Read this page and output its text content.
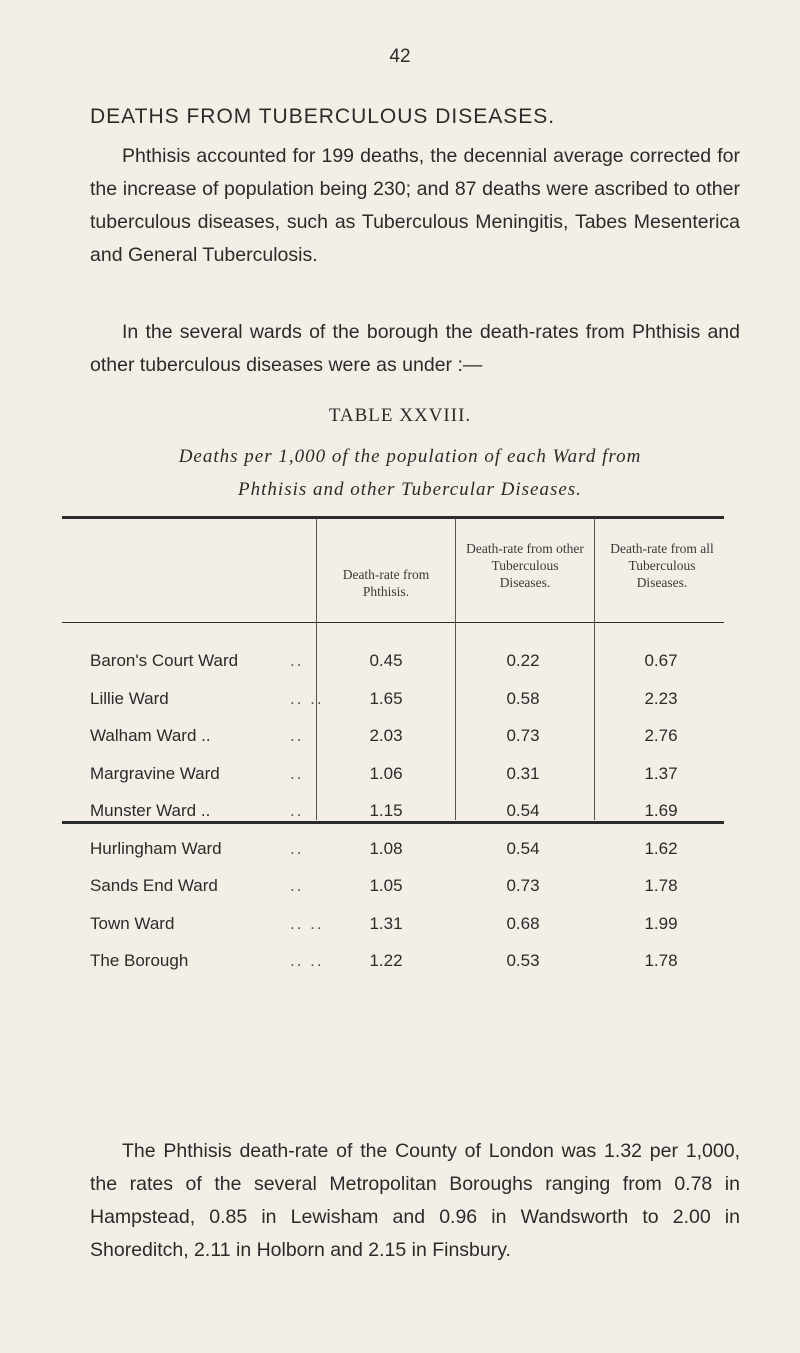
42
DEATHS FROM TUBERCULOUS DISEASES.

Phthisis accounted for 199 deaths, the decennial average corrected for the increase of population being 230; and 87 deaths were ascribed to other tuberculous diseases, such as Tuberculous Meningitis, Tabes Mesenterica and General Tuberculosis.

In the several wards of the borough the death-rates from Phthisis and other tuberculous diseases were as under :—

TABLE XXVIII.
Deaths per 1,000 of the population of each Ward from Phthisis and other Tubercular Diseases.
Death-rate from Phthisis.
Death-rate from other Tuberculous Diseases.
Death-rate from all Tuberculous Diseases.
Baron's Court Ward	..	0.45	0.22	0.67
Lillie Ward	.. ..	1.65	0.58	2.23
Walham Ward ..	..	2.03	0.73	2.76
Margravine Ward	..	1.06	0.31	1.37
Munster Ward ..	..	1.15	0.54	1.69
Hurlingham Ward	..	1.08	0.54	1.62
Sands End Ward	..	1.05	0.73	1.78
Town Ward	.. ..	1.31	0.68	1.99
The Borough	.. ..	1.22	0.53	1.78

The Phthisis death-rate of the County of London was 1.32 per 1,000, the rates of the several Metropolitan Boroughs ranging from 0.78 in Hampstead, 0.85 in Lewisham and 0.96 in Wandsworth to 2.00 in Shoreditch, 2.11 in Holborn and 2.15 in Finsbury.
